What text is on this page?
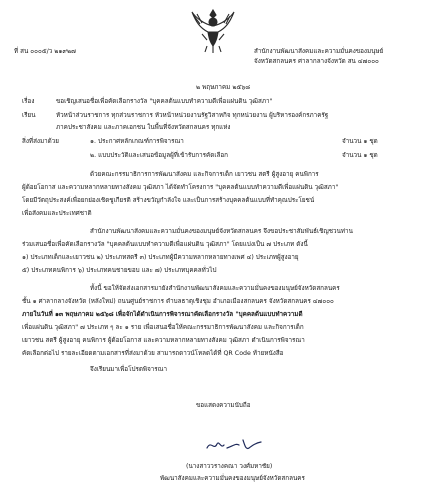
ที่ สน ๐๐๐๕/ว ๒๑๙๒๗	สำนักงานพัฒนาสังคมและความมั่นคงของมนุษย์
จังหวัดสกลนคร ศาลากลางจังหวัด สน ๔๗๐๐๐
๒ พฤษภาคม ๒๕๖๘
เรื่อง	ขอเชิญเสนอชื่อเพื่อคัดเลือกรางวัล "บุคคลต้นแบบทำความดีเพื่อแผ่นดิน วุฒิสภา"
เรียน	หัวหน้าส่วนราชการ ทุกส่วนราชการ หัวหน้าหน่วยงานรัฐวิสาหกิจ ทุกหน่วยงาน ผู้บริหารองค์กรภาครัฐ
ภาคประชาสังคม และภาคเอกชน ในพื้นที่จังหวัดสกลนคร ทุกแห่ง
สิ่งที่ส่งมาด้วย	๑. ประกาศหลักเกณฑ์การพิจารณา	จำนวน ๑ ชุด
๒. แบบประวัติและเสนอข้อมูลผู้ที่เข้ารับการคัดเลือก	จำนวน ๑ ชุด
ด้วยคณะกรรมาธิการการพัฒนาสังคม และกิจการเด็ก เยาวชน สตรี ผู้สูงอายุ คนพิการ
ผู้ด้อยโอกาส และความหลากหลายทางสังคม วุฒิสภา ได้จัดทำโครงการ "บุคคลต้นแบบทำความดีเพื่อแผ่นดิน วุฒิสภา"
โดยมีวัตถุประสงค์เพื่อยกย่องเชิดชูเกียรติ สร้างขวัญกำลังใจ และเป็นการสร้างบุคคลต้นแบบที่ทำคุณประโยชน์
เพื่อสังคมและประเทศชาติ
สำนักงานพัฒนาสังคมและความมั่นคงของมนุษย์จังหวัดสกลนคร จึงขอประชาสัมพันธ์เชิญชวนท่าน
ร่วมเสนอชื่อเพื่อคัดเลือกรางวัล "บุคคลต้นแบบทำความดีเพื่อแผ่นดิน วุฒิสภา" โดยแบ่งเป็น ๗ ประเภท ดังนี้
๑) ประเภทเด็กและเยาวชน ๒) ประเภทสตรี ๓) ประเภทผู้มีความหลากหลายทางเพศ ๔) ประเภทผู้สูงอายุ
๕) ประเภทคนพิการ ๖) ประเภทคนชายขอบ และ ๗) ประเภทบุคคลทั่วไป
ทั้งนี้ ขอให้จัดส่งเอกสารมายังสำนักงานพัฒนาสังคมและความมั่นคงของมนุษย์จังหวัดสกลนคร
ชั้น ๑ ศาลากลางจังหวัด (หลังใหม่) ถนนศูนย์ราชการ ตำบลธาตุเชิงชุม อำเภอเมืองสกลนคร จังหวัดสกลนคร ๔๗๐๐๐
ภายในวันที่ ๑๓ พฤษภาคม ๒๕๖๘ เพื่อจักได้ดำเนินการพิจารณาคัดเลือกรางวัล "บุคคลต้นแบบทำความดี
เพื่อแผ่นดิน วุฒิสภา" ๗ ประเภท ๆ ละ ๑ ราย เพื่อเสนอชื่อให้คณะกรรมาธิการพัฒนาสังคม และกิจการเด็ก
เยาวชน สตรี ผู้สูงอายุ คนพิการ ผู้ด้อยโอกาส และความหลากหลายทางสังคม วุฒิสภา ดำเนินการพิจารณา
คัดเลือกต่อไป รายละเอียดตามเอกสารที่ส่งมาด้วย สามารถดาวน์โหลดได้ที่ QR Code ท้ายหนังสือ
จึงเรียนมาเพื่อโปรดพิจารณา
ขอแสดงความนับถือ
(นางสาววรางคณา วงศ์มหาชัย)
พัฒนาสังคมและความมั่นคงของมนุษย์จังหวัดสกลนคร
